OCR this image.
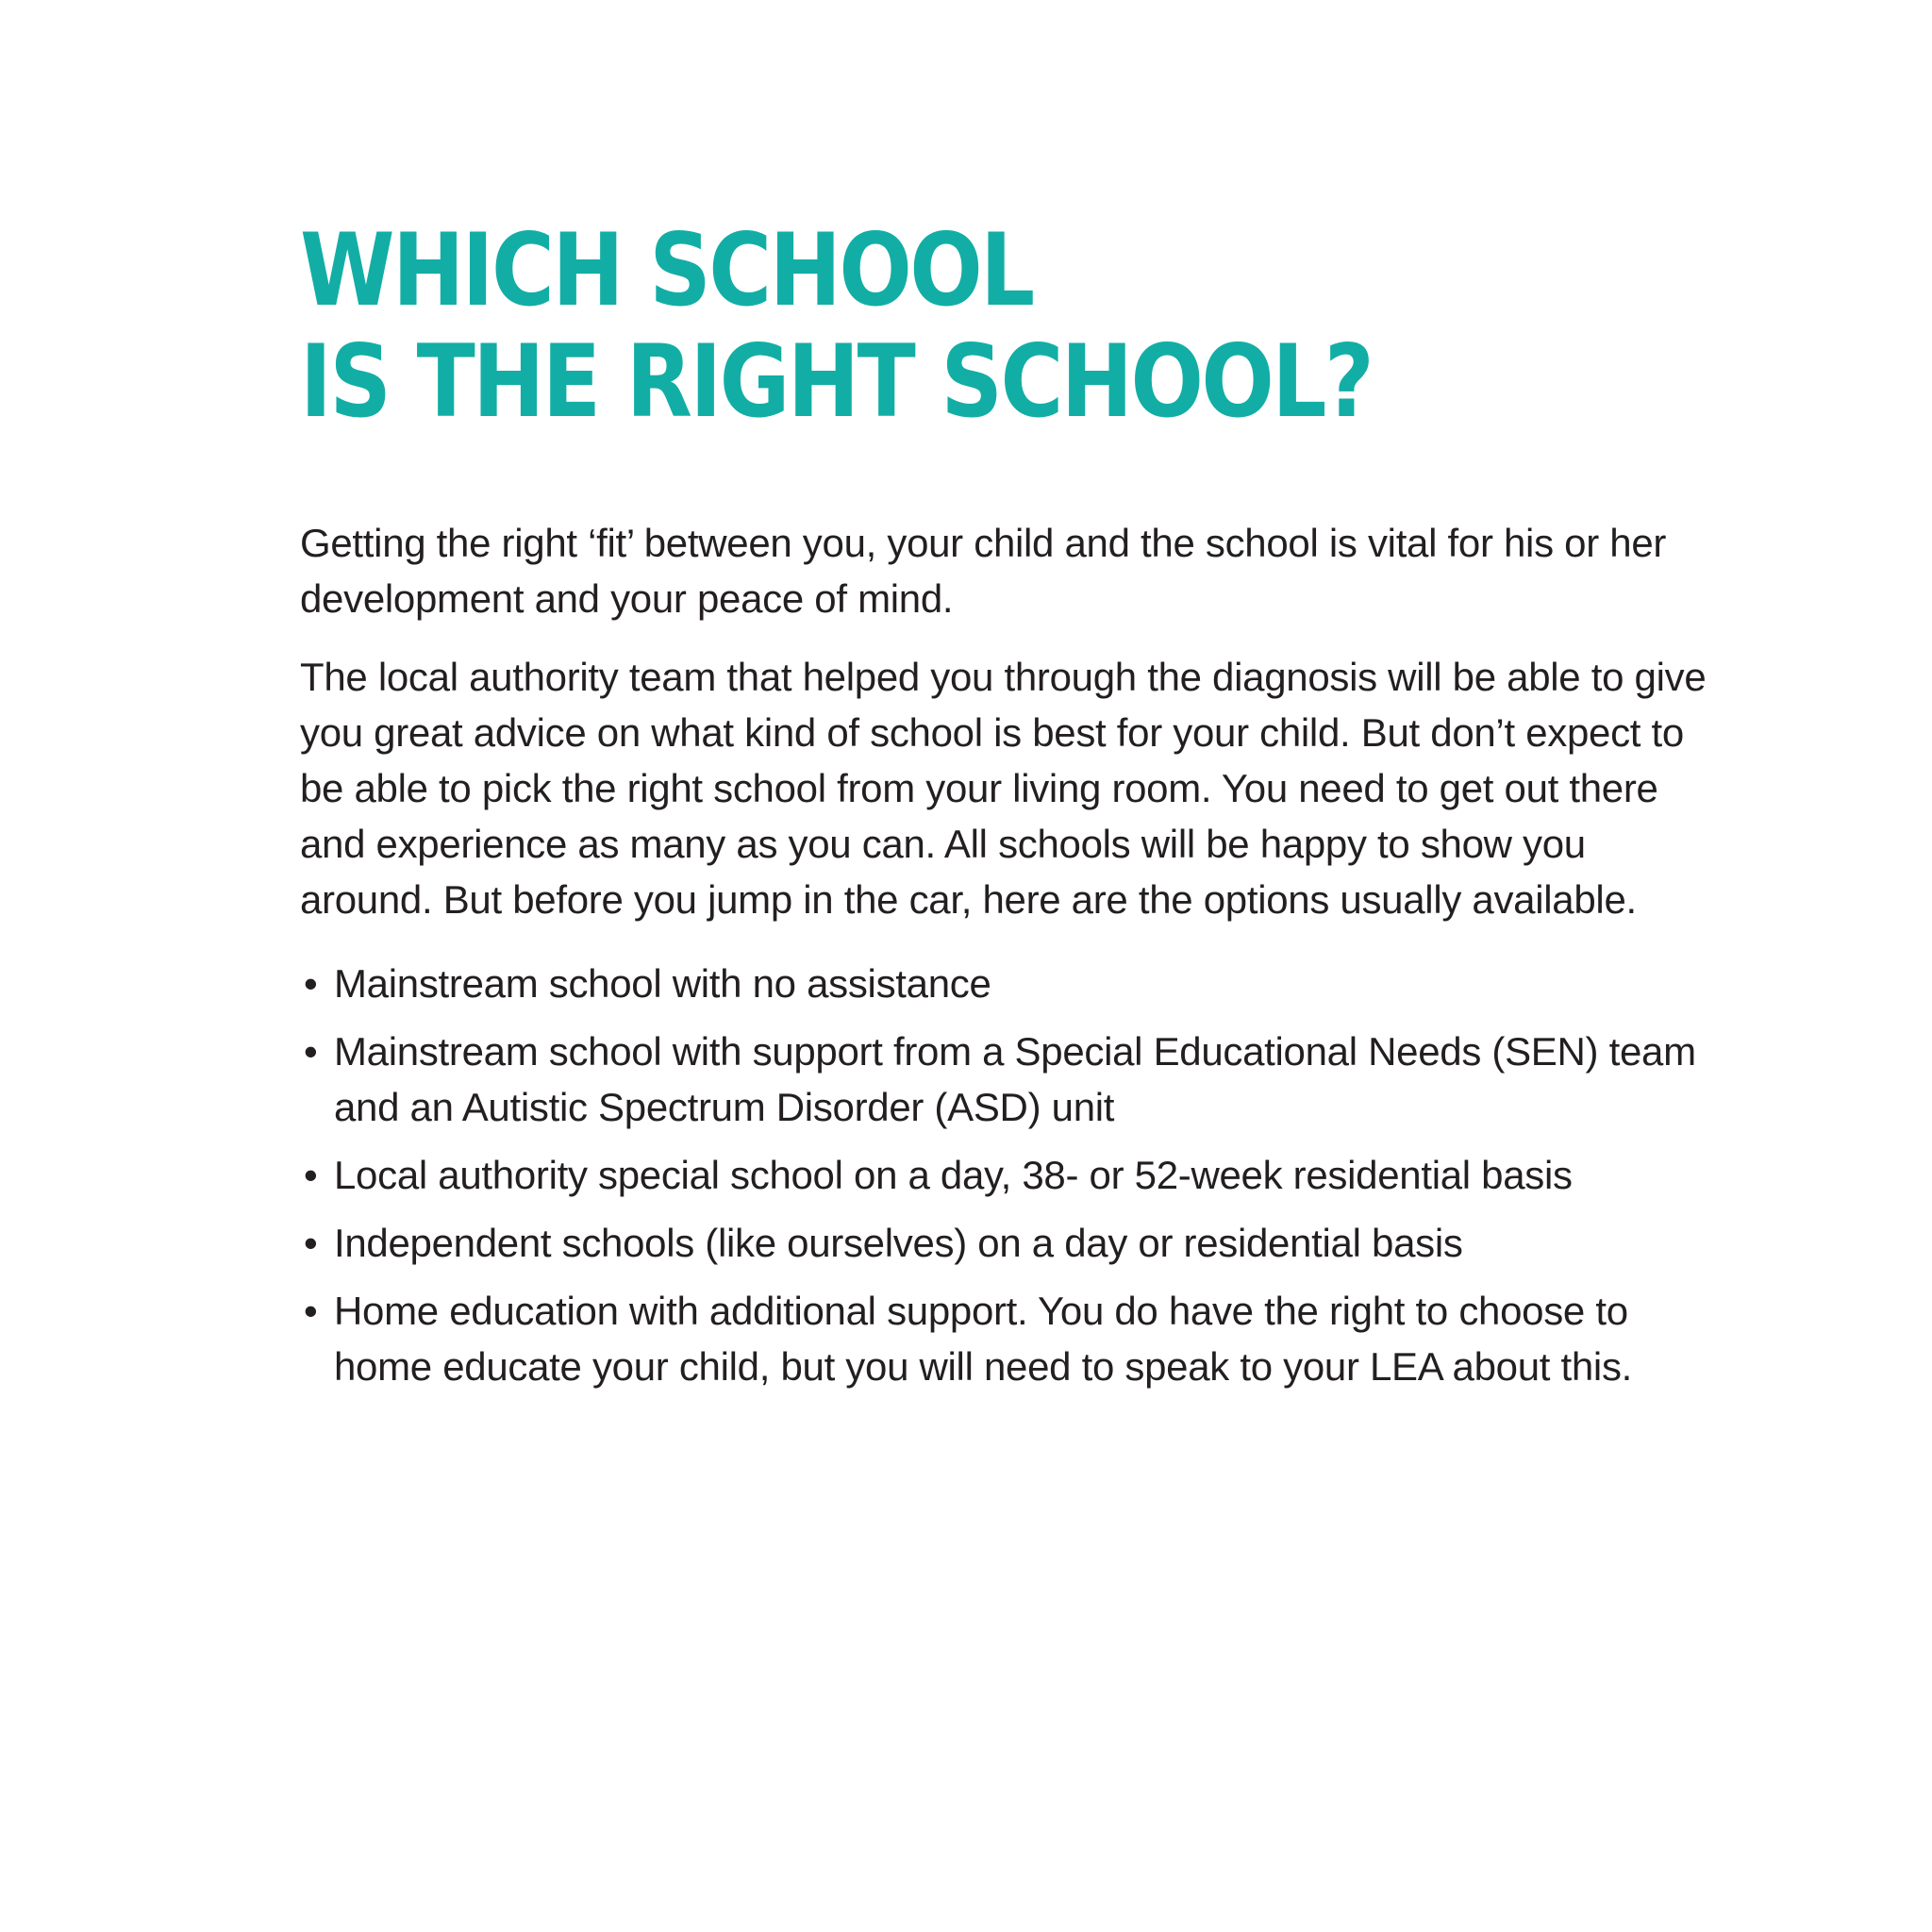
WHICH SCHOOL
IS THE RIGHT SCHOOL?

Getting the right ‘fit’ between you, your child and the school is vital for his or her development and your peace of mind.

The local authority team that helped you through the diagnosis will be able to give you great advice on what kind of school is best for your child. But don’t expect to be able to pick the right school from your living room. You need to get out there and experience as many as you can. All schools will be happy to show you around. But before you jump in the car, here are the options usually available.

• Mainstream school with no assistance
• Mainstream school with support from a Special Educational Needs (SEN) team and an Autistic Spectrum Disorder (ASD) unit
• Local authority special school on a day, 38- or 52-week residential basis
• Independent schools (like ourselves) on a day or residential basis
• Home education with additional support. You do have the right to choose to home educate your child, but you will need to speak to your LEA about this.
